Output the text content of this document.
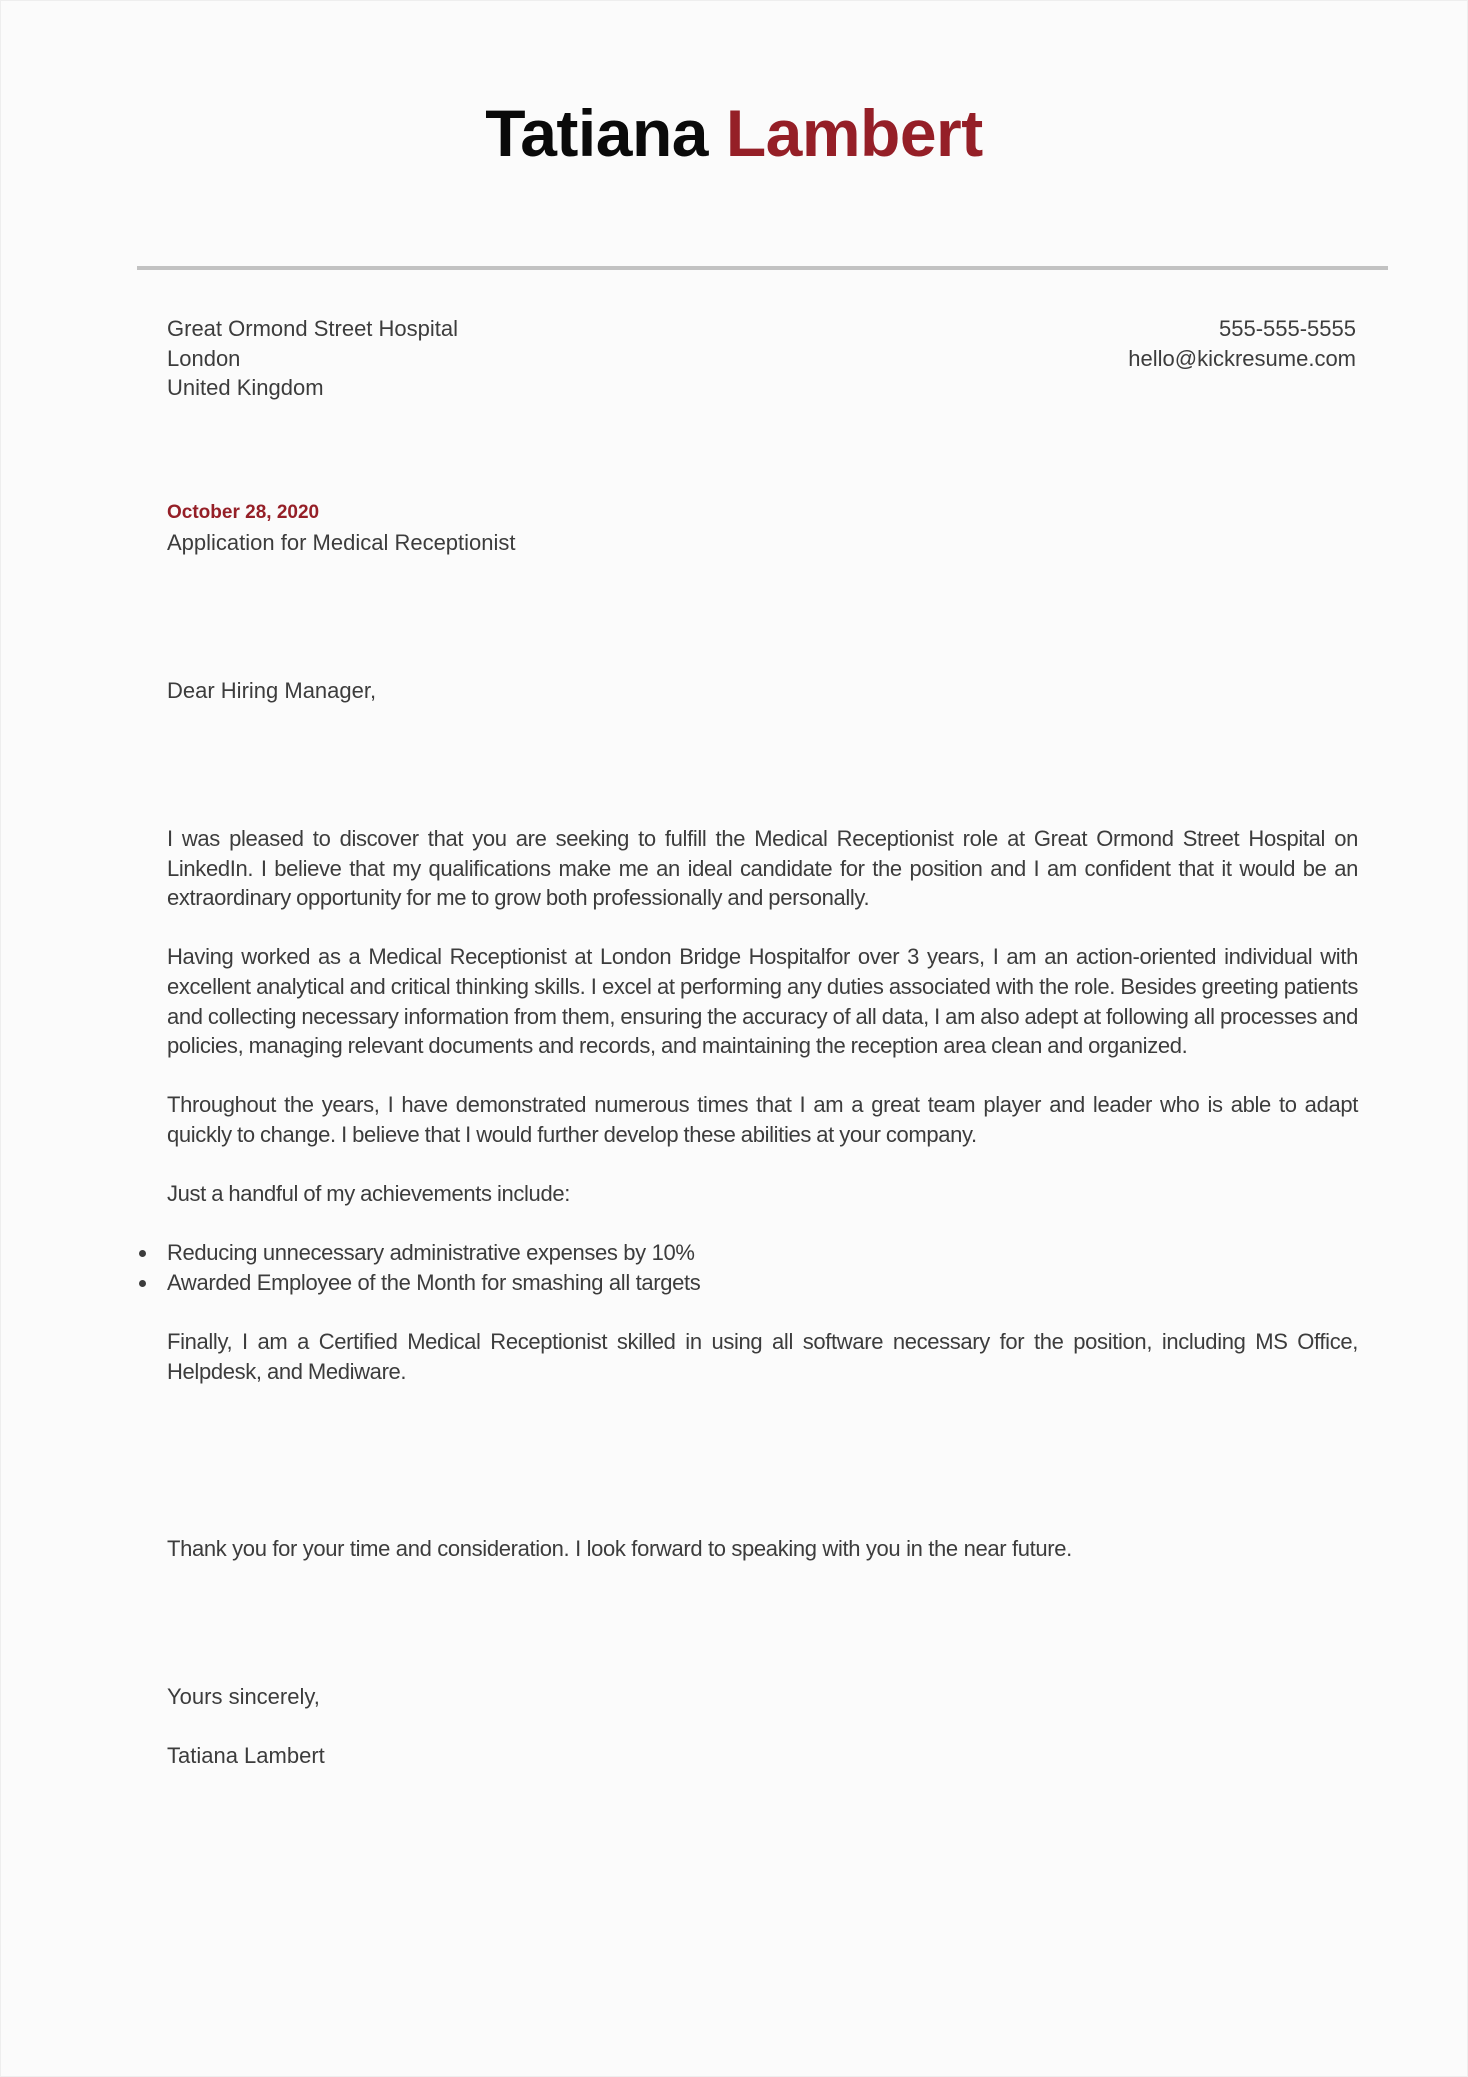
Tatiana Lambert
Great Ormond Street Hospital
London
United Kingdom
555-555-5555
hello@kickresume.com
October 28, 2020
Application for Medical Receptionist
Dear Hiring Manager,

I was pleased to discover that you are seeking to fulfill the Medical Receptionist role at Great Ormond Street Hospital on LinkedIn. I believe that my qualifications make me an ideal candidate for the position and I am confident that it would be an extraordinary opportunity for me to grow both professionally and personally.

Having worked as a Medical Receptionist at London Bridge Hospitalfor over 3 years, I am an action-oriented individual with excellent analytical and critical thinking skills. I excel at performing any duties associated with the role. Besides greeting patients and collecting necessary information from them, ensuring the accuracy of all data, I am also adept at following all processes and policies, managing relevant documents and records, and maintaining the reception area clean and organized.

Throughout the years, I have demonstrated numerous times that I am a great team player and leader who is able to adapt quickly to change. I believe that I would further develop these abilities at your company.

Just a handful of my achievements include:

Reducing unnecessary administrative expenses by 10%
Awarded Employee of the Month for smashing all targets

Finally, I am a Certified Medical Receptionist skilled in using all software necessary for the position, including MS Office, Helpdesk, and Mediware.

Thank you for your time and consideration. I look forward to speaking with you in the near future.
Yours sincerely,
Tatiana Lambert
